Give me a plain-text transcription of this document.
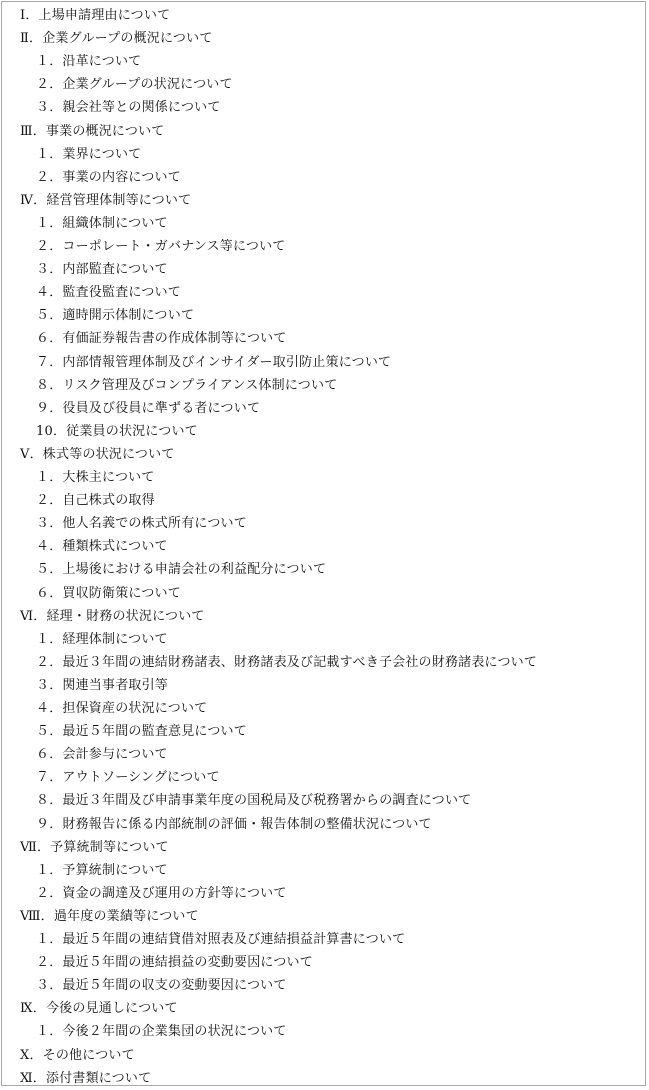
Ⅰ．上場申請理由について
Ⅱ．企業グループの概況について
１．沿革について
２．企業グループの状況について
３．親会社等との関係について
Ⅲ．事業の概況について
１．業界について
２．事業の内容について
Ⅳ．経営管理体制等について
１．組織体制について
２．コーポレート・ガバナンス等について
３．内部監査について
４．監査役監査について
５．適時開示体制について
６．有価証券報告書の作成体制等について
７．内部情報管理体制及びインサイダー取引防止策について
８．リスク管理及びコンプライアンス体制について
９．役員及び役員に準ずる者について
10．従業員の状況について
Ⅴ．株式等の状況について
１．大株主について
２．自己株式の取得
３．他人名義での株式所有について
４．種類株式について
５．上場後における申請会社の利益配分について
６．買収防衛策について
Ⅵ．経理・財務の状況について
１．経理体制について
２．最近３年間の連結財務諸表、財務諸表及び記載すべき子会社の財務諸表について
３．関連当事者取引等
４．担保資産の状況について
５．最近５年間の監査意見について
６．会計参与について
７．アウトソーシングについて
８．最近３年間及び申請事業年度の国税局及び税務署からの調査について
９．財務報告に係る内部統制の評価・報告体制の整備状況について
Ⅶ．予算統制等について
１．予算統制について
２．資金の調達及び運用の方針等について
Ⅷ．過年度の業績等について
１．最近５年間の連結貸借対照表及び連結損益計算書について
２．最近５年間の連結損益の変動要因について
３．最近５年間の収支の変動要因について
Ⅸ．今後の見通しについて
１．今後２年間の企業集団の状況について
Ⅹ．その他について
Ⅺ．添付書類について
